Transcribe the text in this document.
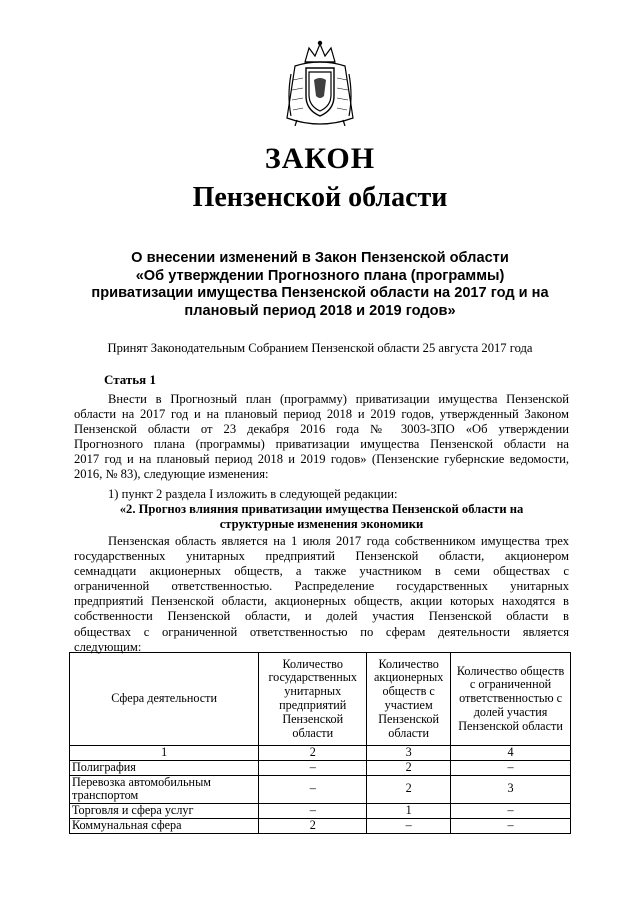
ЗАКОН
Пензенской области
О внесении изменений в Закон Пензенской области
«Об утверждении Прогнозного плана (программы)
приватизации имущества Пензенской области на 2017 год и на
плановый период 2018 и 2019 годов»
Принят Законодательным Собранием Пензенской области 25 августа 2017 года
Статья 1
Внести в Прогнозный план (программу) приватизации имущества Пензенской
области на 2017 год и на плановый период 2018 и 2019 годов, утвержденный Законом
Пензенской области от 23 декабря 2016 года № 3003-ЗПО «Об утверждении
Прогнозного плана (программы) приватизации имущества Пензенской области на
2017 год и на плановый период 2018 и 2019 годов» (Пензенские губернские ведомости,
2016, № 83), следующие изменения:
1) пункт 2 раздела I изложить в следующей редакции:
«2. Прогноз влияния приватизации имущества Пензенской области на
структурные изменения экономики
Пензенская область является на 1 июля 2017 года собственником имущества трех
государственных унитарных предприятий Пензенской области, акционером
семнадцати акционерных обществ, а также участником в семи обществах с
ограниченной ответственностью. Распределение государственных унитарных
предприятий Пензенской области, акционерных обществ, акции которых находятся в
собственности Пензенской области, и долей участия Пензенской области в
обществах с ограниченной ответственностью по сферам деятельности является
следующим:
Сфера деятельности	Количество государственных унитарных предприятий Пензенской области	Количество акционерных обществ с участием Пензенской области	Количество обществ с ограниченной ответственностью с долей участия Пензенской области
1	2	3	4
Полиграфия	–	2	–
Перевозка автомобильным транспортом	–	2	3
Торговля и сфера услуг	–	1	–
Коммунальная сфера	2	–	–
